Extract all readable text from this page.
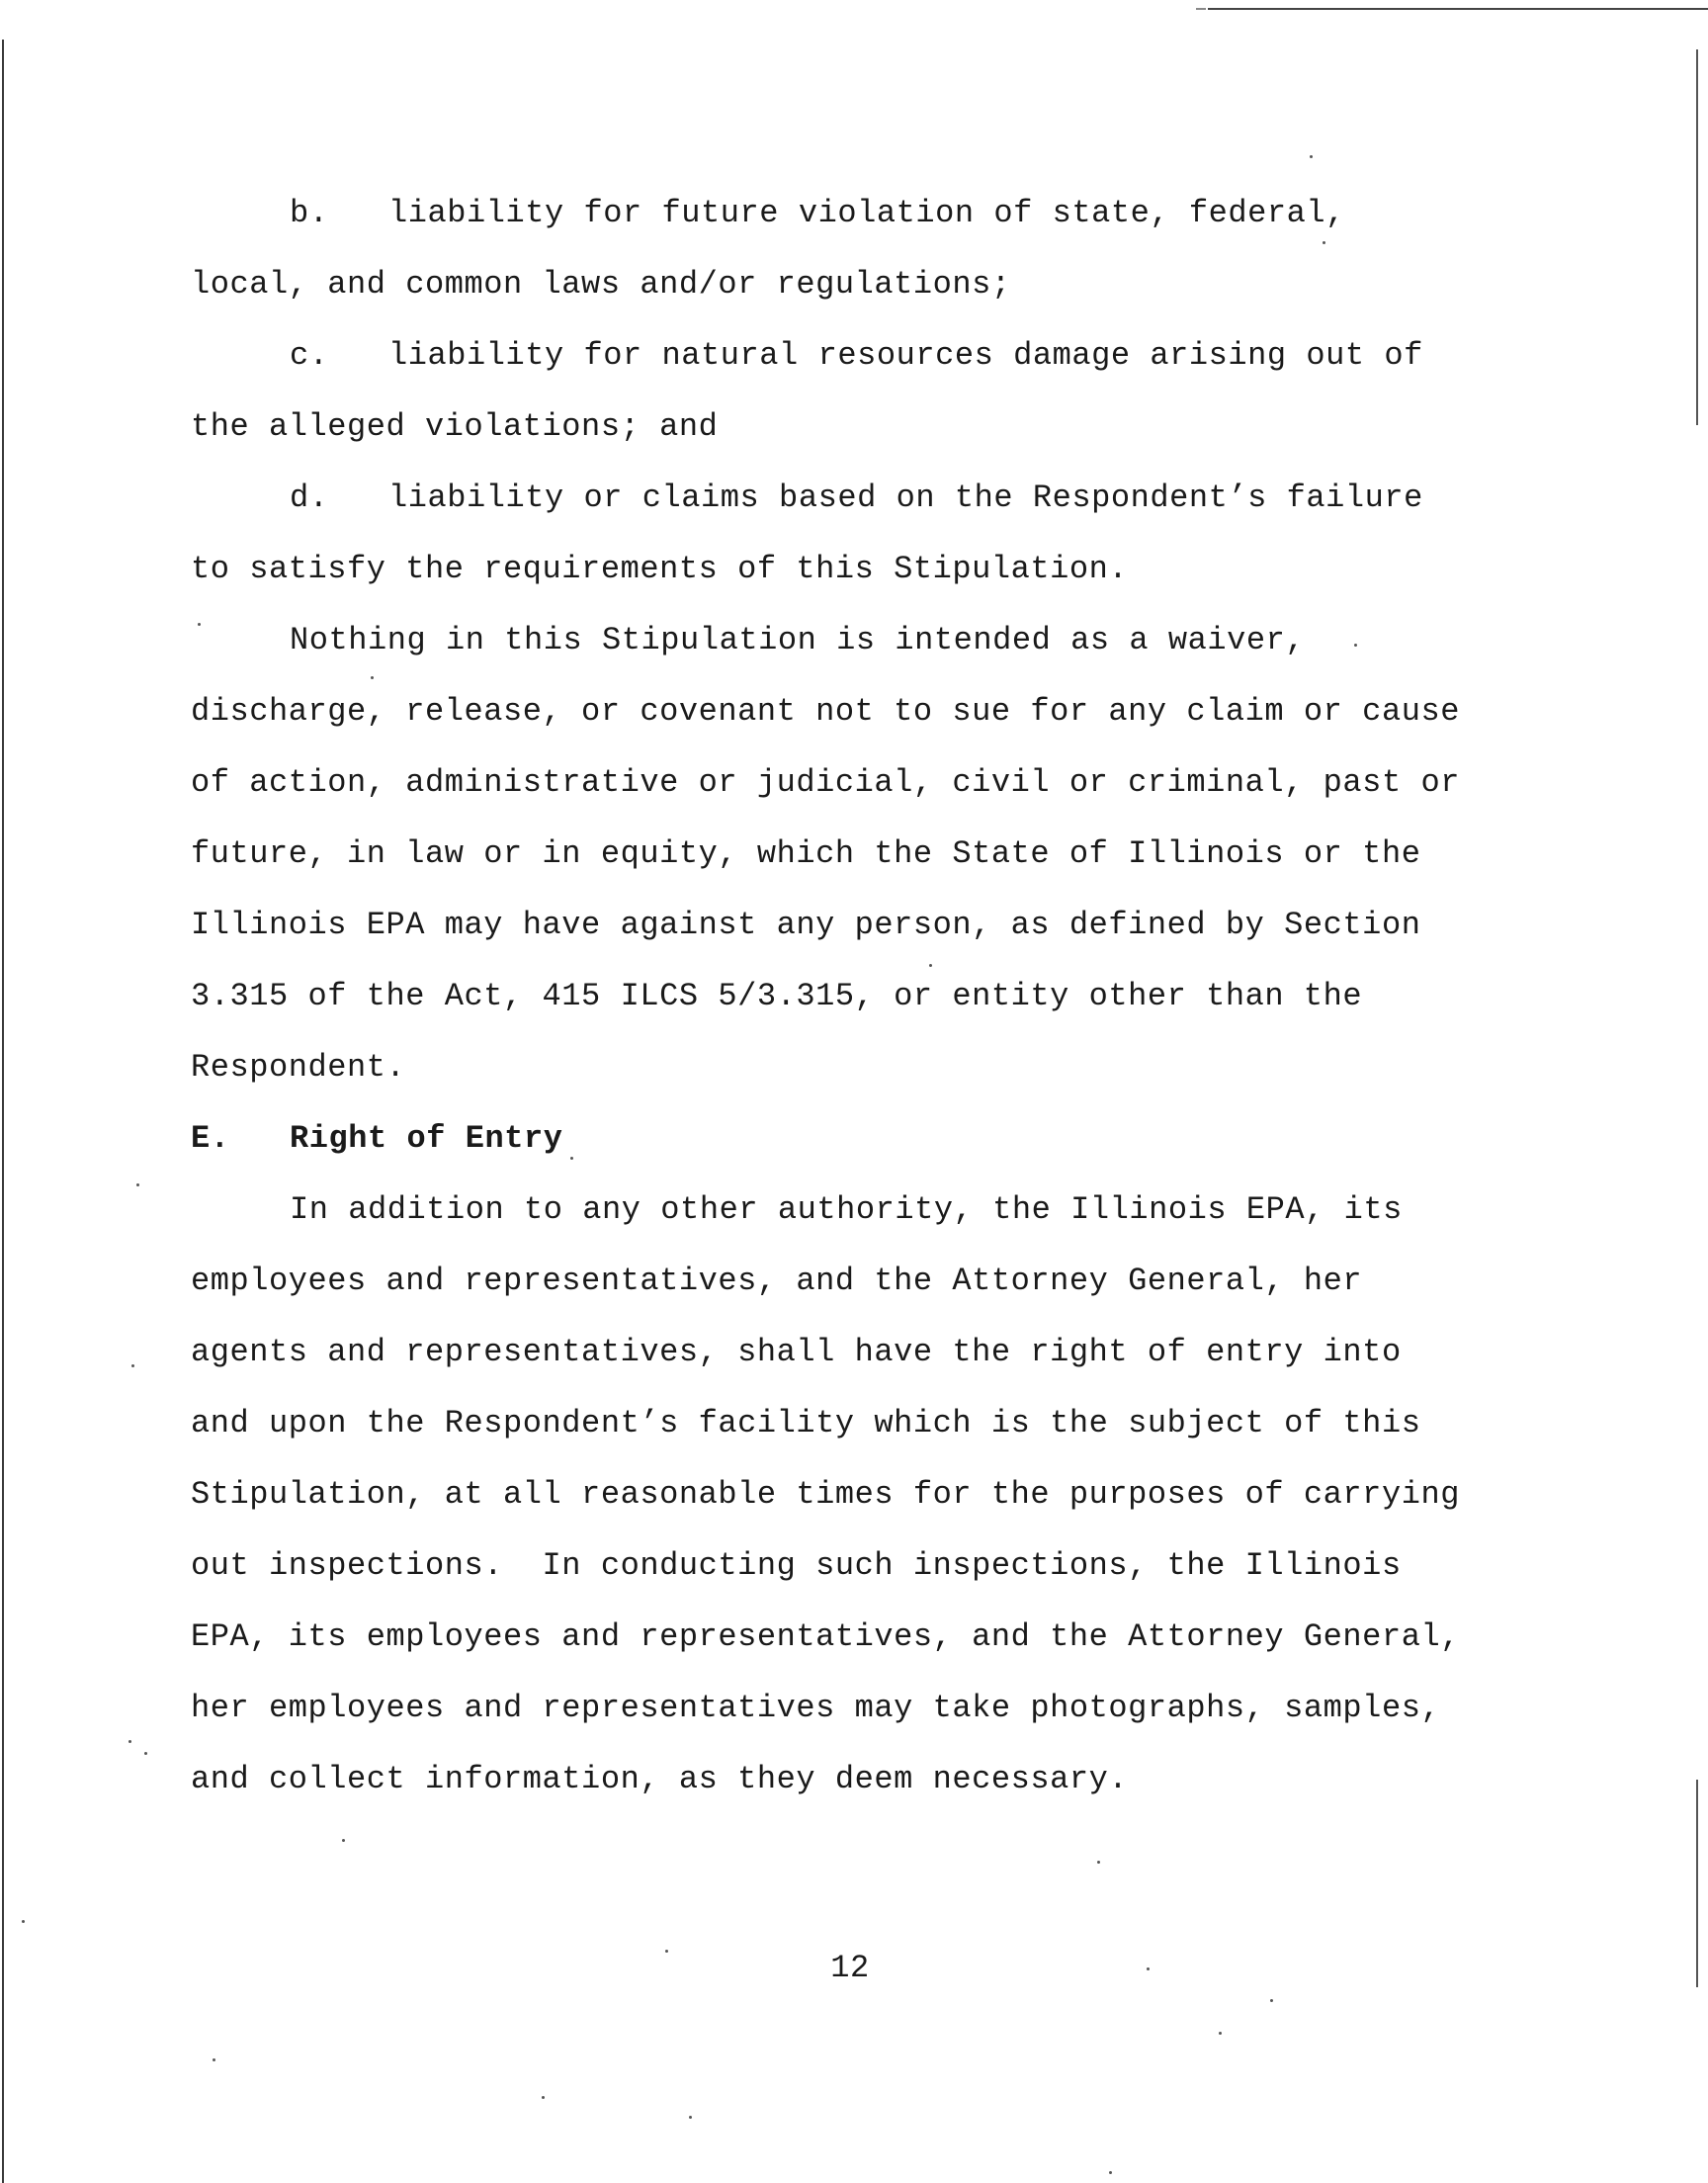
b. liability for future violation of state, federal,
local, and common laws and/or regulations;
c. liability for natural resources damage arising out of
the alleged violations; and
d. liability or claims based on the Respondent’s failure
to satisfy the requirements of this Stipulation.
Nothing in this Stipulation is intended as a waiver,
discharge, release, or covenant not to sue for any claim or cause
of action, administrative or judicial, civil or criminal, past or
future, in law or in equity, which the State of Illinois or the
Illinois EPA may have against any person, as defined by Section
3.315 of the Act, 415 ILCS 5/3.315, or entity other than the
Respondent.
E. Right of Entry
In addition to any other authority, the Illinois EPA, its
employees and representatives, and the Attorney General, her
agents and representatives, shall have the right of entry into
and upon the Respondent’s facility which is the subject of this
Stipulation, at all reasonable times for the purposes of carrying
out inspections.  In conducting such inspections, the Illinois
EPA, its employees and representatives, and the Attorney General,
her employees and representatives may take photographs, samples,
and collect information, as they deem necessary.
12
